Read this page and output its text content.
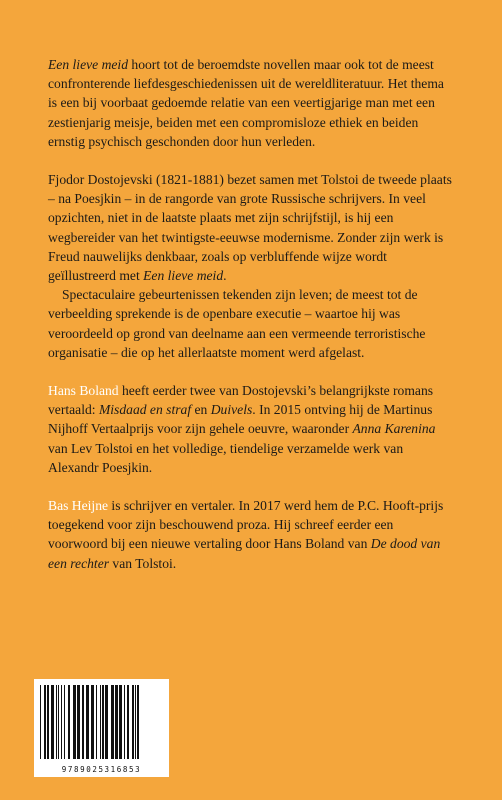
Een lieve meid hoort tot de beroemdste novellen maar ook tot de meest confronterende liefdesgeschiedenissen uit de wereldliteratuur. Het thema is een bij voorbaat gedoemde relatie van een veertigjarige man met een zestienjarig meisje, beiden met een compromisloze ethiek en beiden ernstig psychisch geschonden door hun verleden.

Fjodor Dostojevski (1821-1881) bezet samen met Tolstoi de tweede plaats – na Poesjkin – in de rangorde van grote Russische schrijvers. In veel opzichten, niet in de laatste plaats met zijn schrijfstijl, is hij een wegbereider van het twintigste-eeuwse modernisme. Zonder zijn werk is Freud nauwelijks denkbaar, zoals op verbluffende wijze wordt geïllustreerd met Een lieve meid.

Spectaculaire gebeurtenissen tekenden zijn leven; de meest tot de verbeelding sprekende is de openbare executie – waartoe hij was veroordeeld op grond van deelname aan een vermeende terroristische organisatie – die op het allerlaatste moment werd afgelast.

Hans Boland heeft eerder twee van Dostojevski’s belangrijkste romans vertaald: Misdaad en straf en Duivels. In 2015 ontving hij de Martinus Nijhoff Vertaalprijs voor zijn gehele oeuvre, waaronder Anna Karenina van Lev Tolstoi en het volledige, tiendelige verzamelde werk van Alexandr Poesjkin.

Bas Heijne is schrijver en vertaler. In 2017 werd hem de P.C. Hooft-prijs toegekend voor zijn beschouwend proza. Hij schreef eerder een voorwoord bij een nieuwe vertaling door Hans Boland van De dood van een rechter van Tolstoi.

9789025316853
